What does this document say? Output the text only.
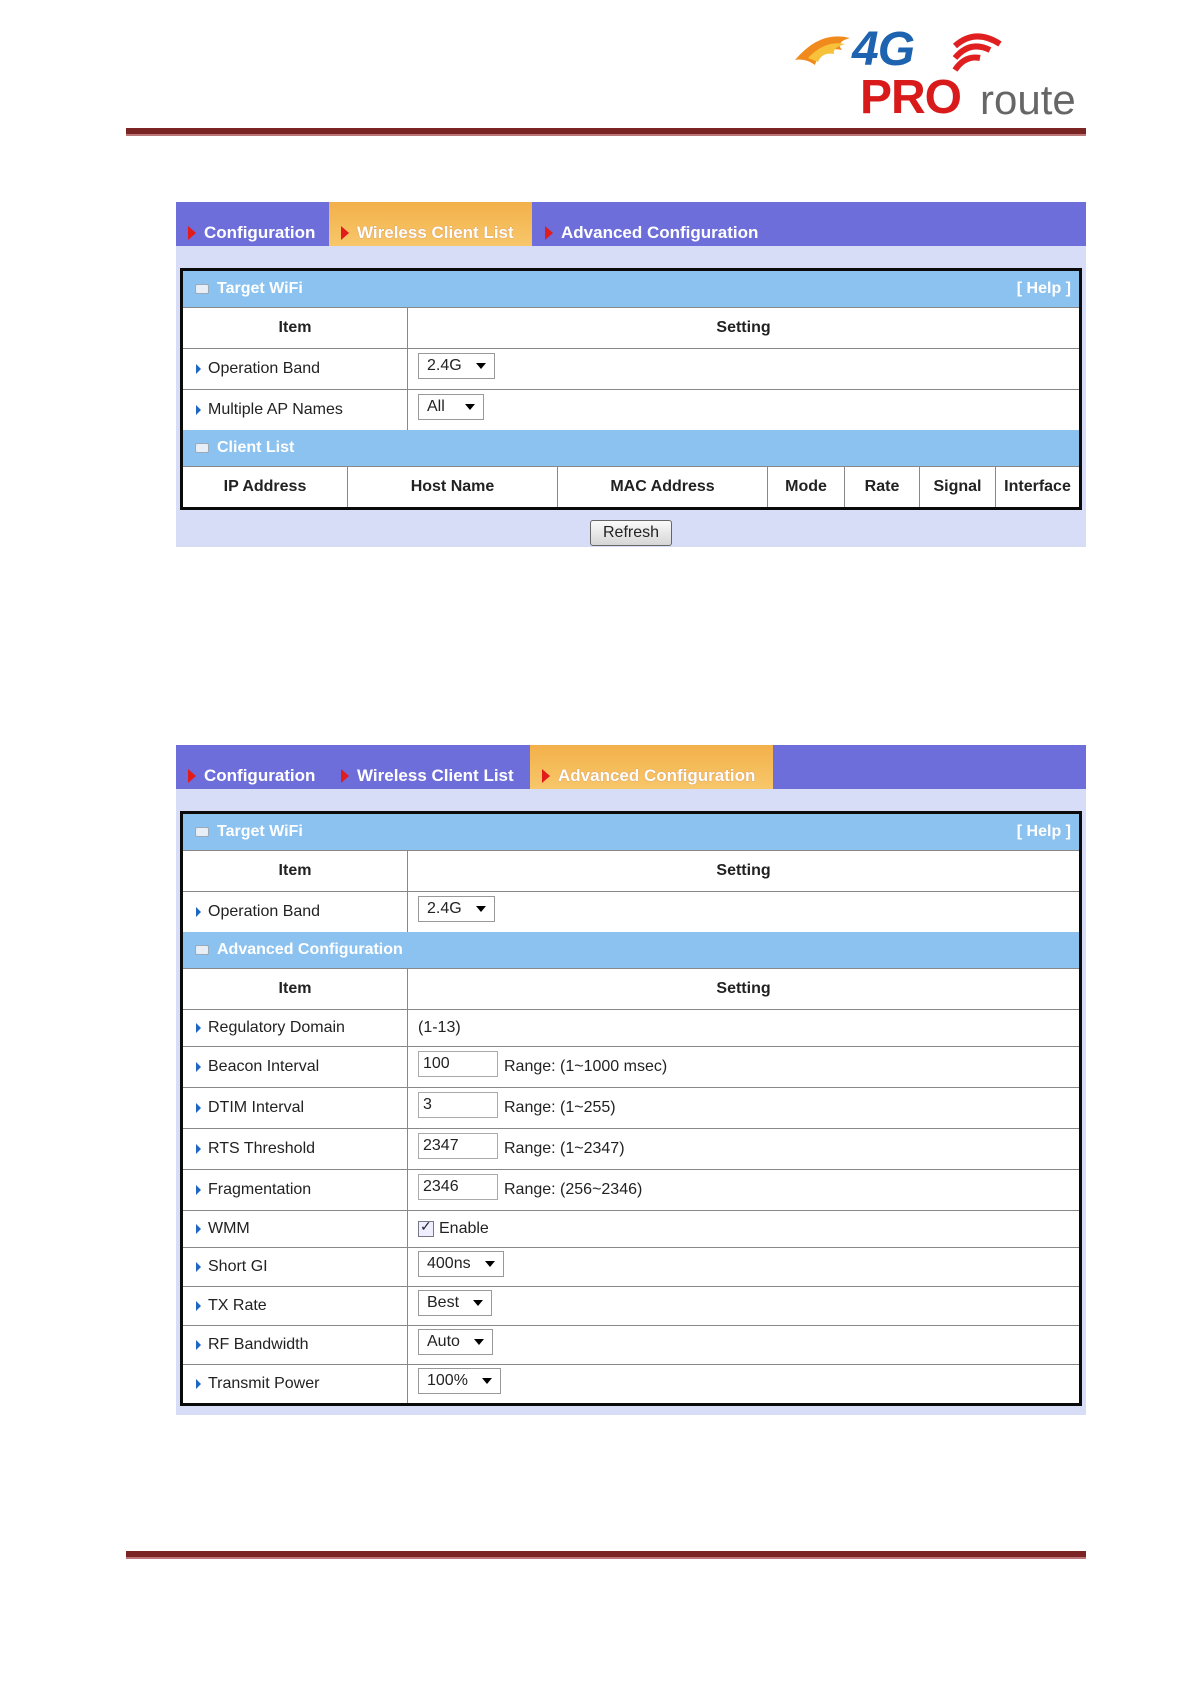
4G
PRO route
Configuration	Wireless Client List	Advanced Configuration
Target WiFi	[ Help ]
Item	Setting
Operation Band	2.4G
Multiple AP Names	All
Client List
IP Address	Host Name	MAC Address	Mode	Rate	Signal	Interface
Refresh
Configuration	Wireless Client List	Advanced Configuration
Target WiFi	[ Help ]
Item	Setting
Operation Band	2.4G
Advanced Configuration
Item	Setting
Regulatory Domain	(1-13)
Beacon Interval	100	Range: (1~1000 msec)
DTIM Interval	3	Range: (1~255)
RTS Threshold	2347	Range: (1~2347)
Fragmentation	2346	Range: (256~2346)
WMM
✓	Enable
Short GI	400ns
TX Rate	Best
RF Bandwidth	Auto
Transmit Power	100%
